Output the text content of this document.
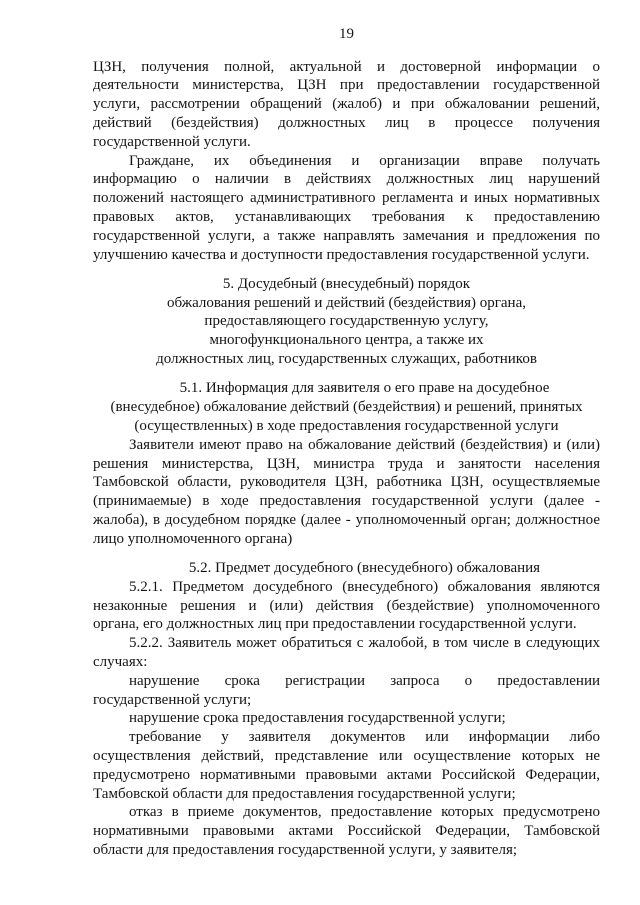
19
ЦЗН, получения полной, актуальной и достоверной информации о
деятельности министерства, ЦЗН при предоставлении государственной
услуги, рассмотрении обращений (жалоб) и при обжаловании решений,
действий (бездействия) должностных лиц в процессе получения
государственной услуги.
Граждане, их объединения и организации вправе получать
информацию о наличии в действиях должностных лиц нарушений
положений настоящего административного регламента и иных нормативных
правовых актов, устанавливающих требования к предоставлению
государственной услуги, а также направлять замечания и предложения по
улучшению качества и доступности предоставления государственной услуги.
5. Досудебный (внесудебный) порядок
обжалования решений и действий (бездействия) органа,
предоставляющего государственную услугу,
многофункционального центра, а также их
должностных лиц, государственных служащих, работников
5.1. Информация для заявителя о его праве на досудебное
(внесудебное) обжалование действий (бездействия) и решений, принятых
(осуществленных) в ходе предоставления государственной услуги
Заявители имеют право на обжалование действий (бездействия) и (или)
решения министерства, ЦЗН, министра труда и занятости населения
Тамбовской области, руководителя ЦЗН, работника ЦЗН, осуществляемые
(принимаемые) в ходе предоставления государственной услуги (далее -
жалоба), в досудебном порядке (далее - уполномоченный орган; должностное
лицо уполномоченного органа)
5.2. Предмет досудебного (внесудебного) обжалования
5.2.1. Предметом досудебного (внесудебного) обжалования являются
незаконные решения и (или) действия (бездействие) уполномоченного
органа, его должностных лиц при предоставлении государственной услуги.
5.2.2. Заявитель может обратиться с жалобой, в том числе в следующих
случаях:
нарушение срока регистрации запроса о предоставлении
государственной услуги;
нарушение срока предоставления государственной услуги;
требование у заявителя документов или информации либо
осуществления действий, представление или осуществление которых не
предусмотрено нормативными правовыми актами Российской Федерации,
Тамбовской области для предоставления государственной услуги;
отказ в приеме документов, предоставление которых предусмотрено
нормативными правовыми актами Российской Федерации, Тамбовской
области для предоставления государственной услуги, у заявителя;
